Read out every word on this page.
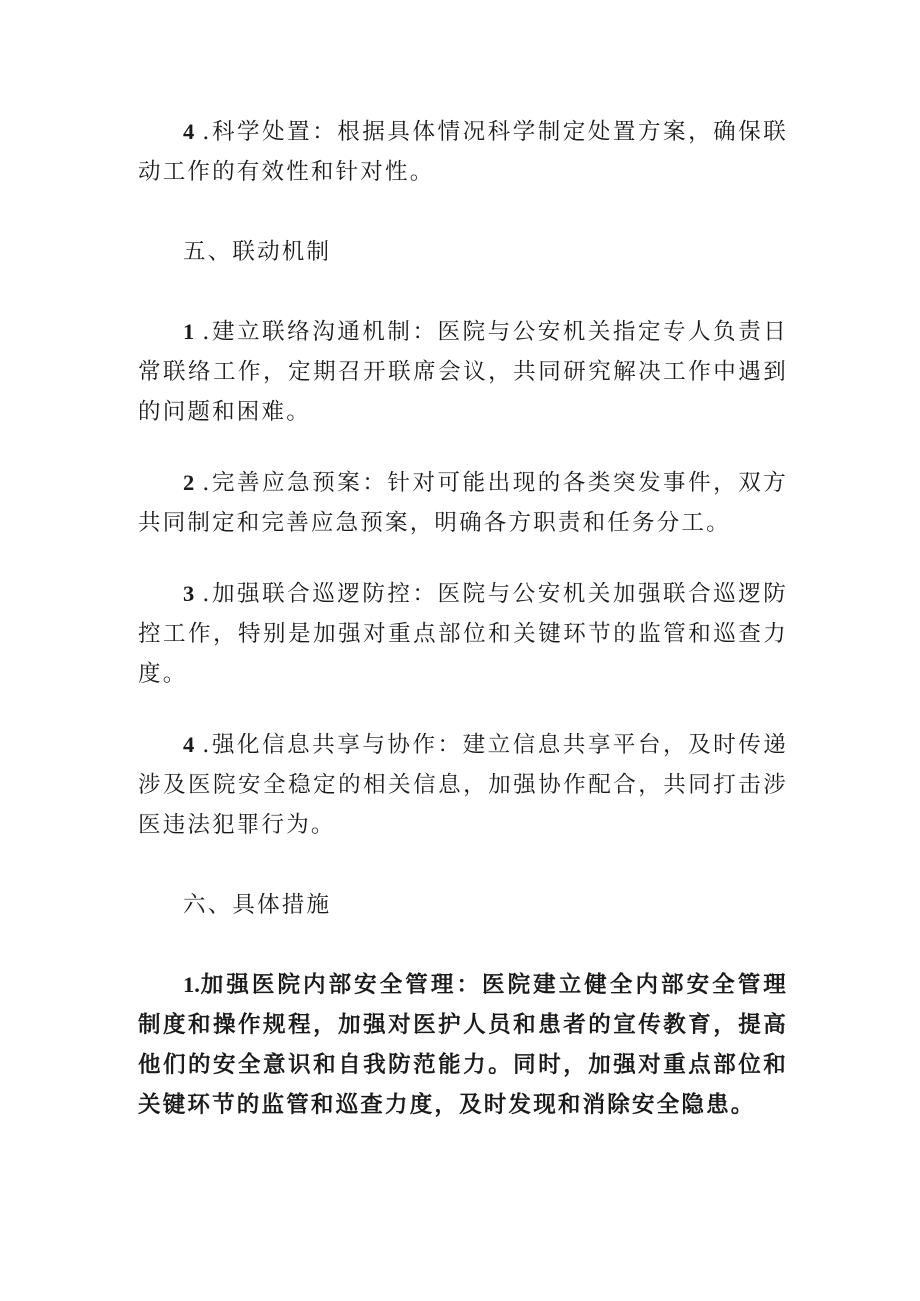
4 .科学处置：根据具体情况科学制定处置方案，确保联动工作的有效性和针对性。

五、联动机制

1 .建立联络沟通机制：医院与公安机关指定专人负责日常联络工作，定期召开联席会议，共同研究解决工作中遇到的问题和困难。

2 .完善应急预案：针对可能出现的各类突发事件，双方共同制定和完善应急预案，明确各方职责和任务分工。

3 .加强联合巡逻防控：医院与公安机关加强联合巡逻防控工作，特别是加强对重点部位和关键环节的监管和巡查力度。

4 .强化信息共享与协作：建立信息共享平台，及时传递涉及医院安全稳定的相关信息，加强协作配合，共同打击涉医违法犯罪行为。

六、具体措施

1.加强医院内部安全管理：医院建立健全内部安全管理制度和操作规程，加强对医护人员和患者的宣传教育，提高他们的安全意识和自我防范能力。同时，加强对重点部位和关键环节的监管和巡查力度，及时发现和消除安全隐患。
